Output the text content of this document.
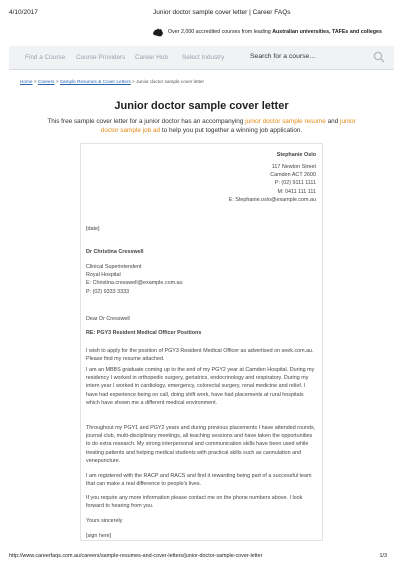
4/10/2017	Junior doctor sample cover letter | Career FAQs
Over 2,000 accredited courses from leading Australian universities, TAFEs and colleges
Find a Course Course Providers Career Hub Select Industry	Search for a course...
Home > Careers > Sample Resumes & Cover Letters > Junior doctor sample cover letter
Junior doctor sample cover letter
This free sample cover letter for a junior doctor has an accompanying junior doctor sample resume and junior doctor sample job ad to help you put together a winning job application.
Stephanie Oslo
117 Newton Street
Camden ACT 2600
P: (02) 9111 1111
M: 0411 111 111
E: Stephanie.oslo@example.com.au
[date]
Dr Christina Cresswell
Clinical Superintendent
Royal Hospital
E: Christina.cresswell@example.com.au
P: (02) 9333 3333
Dear Dr Cresswell
RE: PGY3 Resident Medical Officer Positions

I wish to apply for the position of PGY3 Resident Medical Officer as advertised on seek.com.au. Please find my resume attached.

I am an MBBS graduate coming up to the end of my PGY2 year at Camden Hospital. During my residency I worked in orthopedic surgery, geriatrics, endocrinology and respiratory. During my intern year I worked in cardiology, emergency, colorectal surgery, renal medicine and relief. I have had experience being on call, doing shift work, have had placements at rural hospitals which have shown me a different medical environment.

Throughout my PGY1 and PGY2 years and during previous placements I have attended rounds, journal club, multi-disciplinary meetings, all teaching sessions and have taken the opportunities to do extra research. My strong interpersonal and communication skills have been used while treating patients and helping medical students with practical skills such as cannulation and venepuncture.

I am registered with the RACP and RACS and find it rewarding being part of a successful team that can make a real difference to people's lives.

If you require any more information please contact me on the phone numbers above. I look forward to hearing from you.

Yours sincerely
[sign here]
http://www.careerfaqs.com.au/careers/sample-resumes-and-cover-letters/junior-doctor-sample-cover-letter	1/3
